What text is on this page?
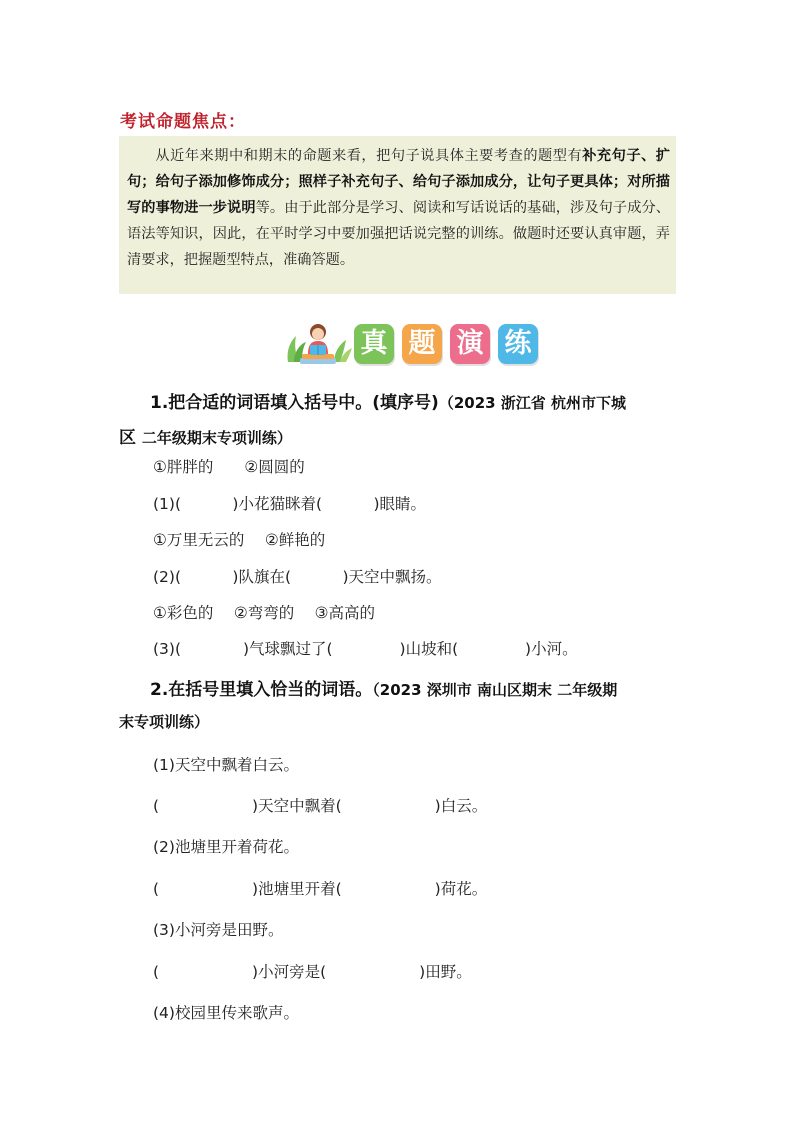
考试命题焦点：

从近年来期中和期末的命题来看，把句子说具体主要考查的题型有补充句子、扩句；给句子添加修饰成分；照样子补充句子、给句子添加成分，让句子更具体；对所描写的事物进一步说明等。由于此部分是学习、阅读和写话说话的基础，涉及句子成分、语法等知识，因此，在平时学习中要加强把话说完整的训练。做题时还要认真审题，弄清要求，把握题型特点，准确答题。

真 题 演 练
1.把合适的词语填入括号中。(填序号)（2023 浙江省 杭州市下城
区 二年级期末专项训练）
①胖胖的　　②圆圆的
(1)(　　　 )小花猫眯着(　　　 )眼睛。
①万里无云的　 ②鲜艳的
(2)(　　　 )队旗在(　　　 )天空中飘扬。
①彩色的　 ②弯弯的　 ③高高的
(3)(　　　　)气球飘过了(　　　　 )山坡和(　　　　 )小河。
2.在括号里填入恰当的词语。（2023 深圳市 南山区期末 二年级期
末专项训练）
(1)天空中飘着白云。
(　　　　　　)天空中飘着(　　　　　　)白云。
(2)池塘里开着荷花。
(　　　　　　)池塘里开着(　　　　　　)荷花。
(3)小河旁是田野。
(　　　　　　)小河旁是(　　　　　　)田野。
(4)校园里传来歌声。
